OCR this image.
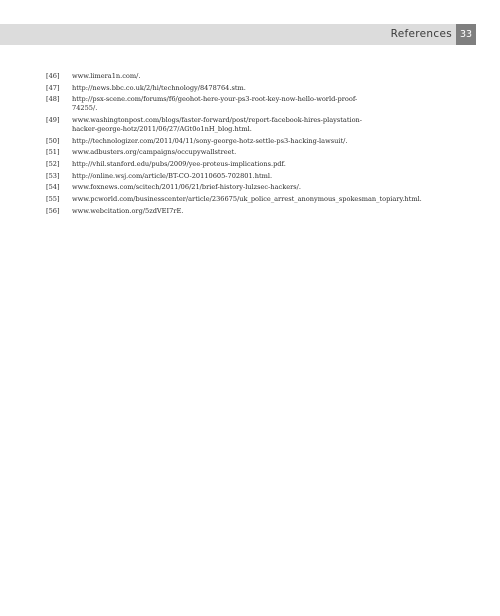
References 33
[46] www.limera1n.com/.
[47] http://news.bbc.co.uk/2/hi/technology/8478764.stm.
[48] http://psx-scene.com/forums/f6/geohot-here-your-ps3-root-key-now-hello-world-proof-74255/.
[49] www.washingtonpost.com/blogs/faster-forward/post/report-facebook-hires-playstation-hacker-george-hotz/2011/06/27/AGt0o1nH_blog.html.
[50] http://technologizer.com/2011/04/11/sony-george-hotz-settle-ps3-hacking-lawsuit/.
[51] www.adbusters.org/campaigns/occupywallstreet.
[52] http://vhil.stanford.edu/pubs/2009/yee-proteus-implications.pdf.
[53] http://online.wsj.com/article/BT-CO-20110605-702801.html.
[54] www.foxnews.com/scitech/2011/06/21/brief-history-lulzsec-hackers/.
[55] www.pcworld.com/businesscenter/article/236675/uk_police_arrest_anonymous_spokesman_topiary.html.
[56] www.webcitation.org/5zdVEI7rE.
